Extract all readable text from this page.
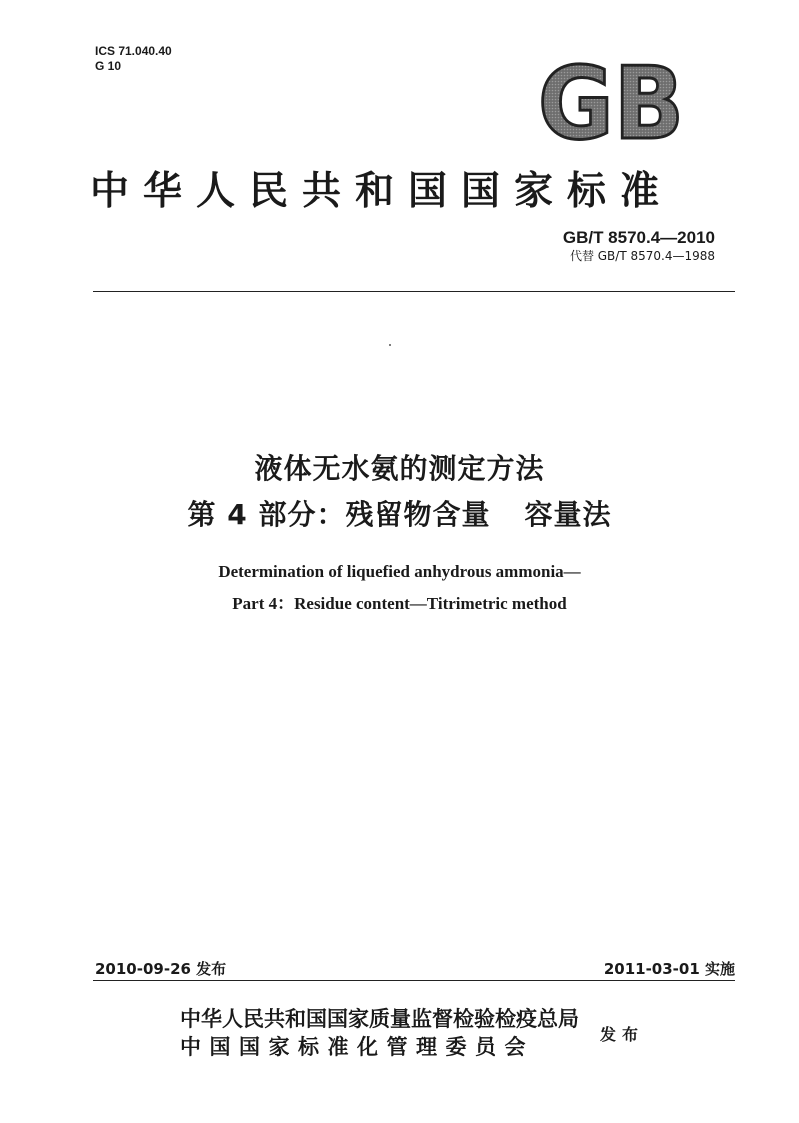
ICS 71.040.40
G 10	GB
中华人民共和国国家标准
GB/T 8570.4—2010
代替 GB/T 8570.4—1988
液体无水氨的测定方法
第 4 部分：残留物含量 容量法
Determination of liquefied anhydrous ammonia—
Part 4：Residue content—Titrimetric method
2010-09-26 发布	2011-03-01 实施
中华人民共和国国家质量监督检验检疫总局
中国国家标准化管理委员会
发布
